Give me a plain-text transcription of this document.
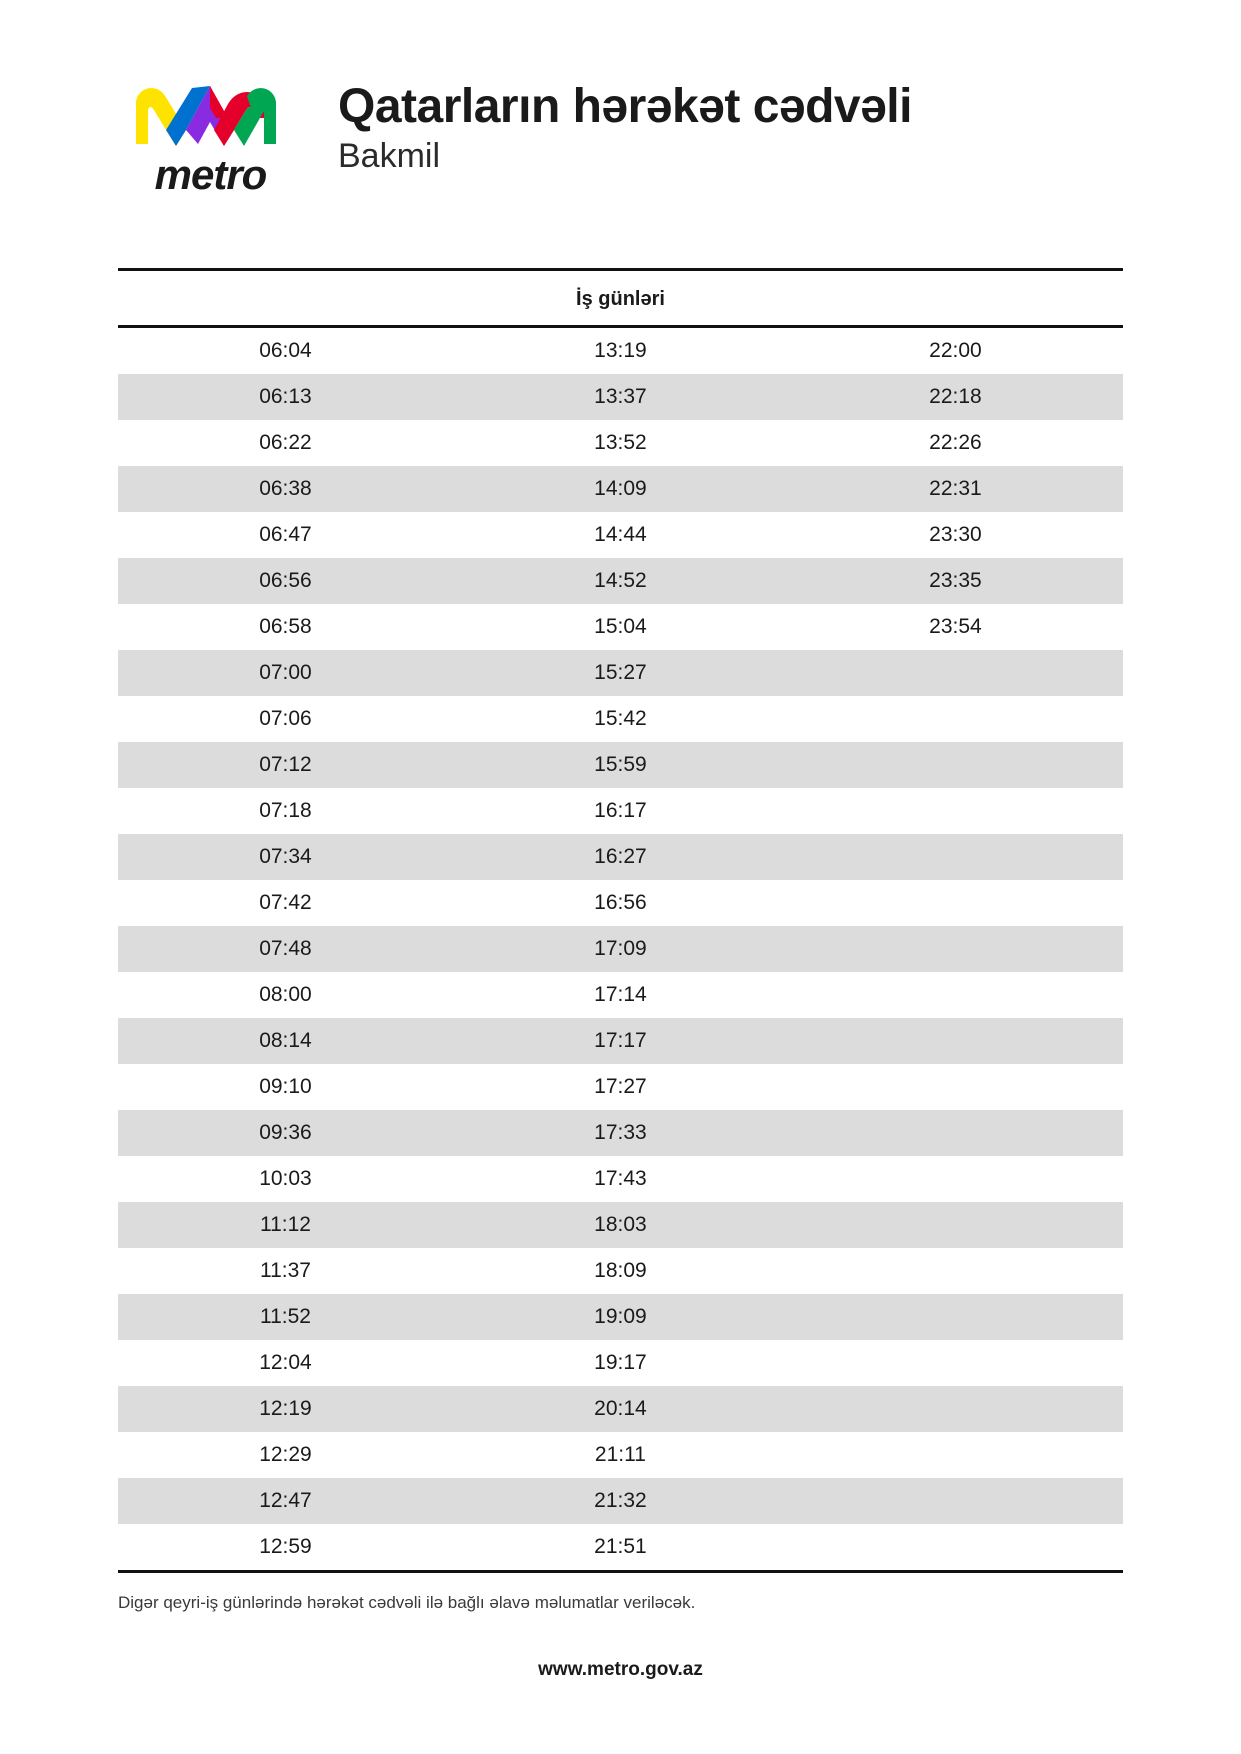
metro
Qatarların hərəkət cədvəli
Bakmil
İş günləri
06:04	13:19	22:00
06:13	13:37	22:18
06:22	13:52	22:26
06:38	14:09	22:31
06:47	14:44	23:30
06:56	14:52	23:35
06:58	15:04	23:54
07:00	15:27	
07:06	15:42	
07:12	15:59	
07:18	16:17	
07:34	16:27	
07:42	16:56	
07:48	17:09	
08:00	17:14	
08:14	17:17	
09:10	17:27	
09:36	17:33	
10:03	17:43	
11:12	18:03	
11:37	18:09	
11:52	19:09	
12:04	19:17	
12:19	20:14	
12:29	21:11	
12:47	21:32	
12:59	21:51	
Digər qeyri-iş günlərində hərəkət cədvəli ilə bağlı əlavə məlumatlar veriləcək.
www.metro.gov.az
